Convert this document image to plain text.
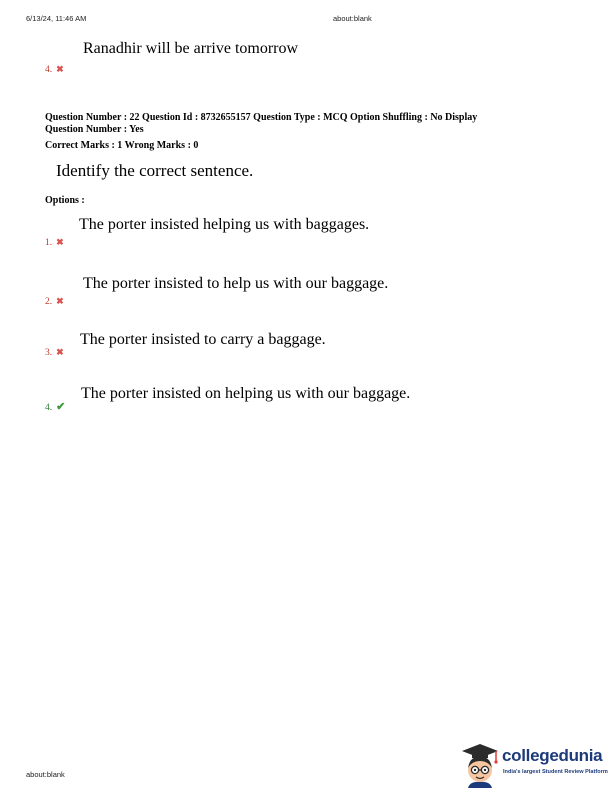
6/13/24, 11:46 AM	about:blank
Ranadhir will be arrive tomorrow
4. ✖
Question Number : 22 Question Id : 8732655157 Question Type : MCQ Option Shuffling : No Display
Question Number : Yes
Correct Marks : 1 Wrong Marks : 0
Identify the correct sentence.
Options :
The porter insisted helping us with baggages.
1. ✖
The porter insisted to help us with our baggage.
2. ✖
The porter insisted to carry a baggage.
3. ✖
The porter insisted on helping us with our baggage.
4. ✔
about:blank
collegedunia
India's largest Student Review Platform
